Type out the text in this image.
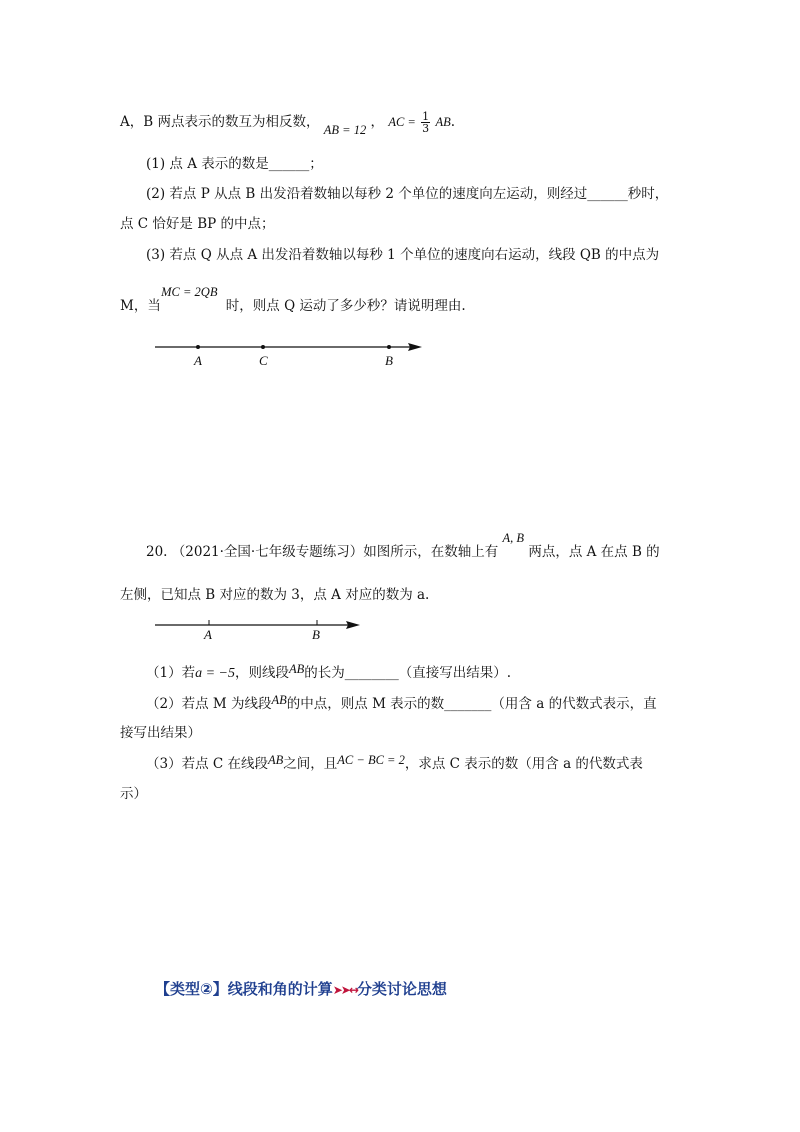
A，B 两点表示的数互为相反数， AB = 12 ， AC = $\frac{1}{3}$ AB.
(1) 点 A 表示的数是______；
(2) 若点 P 从点 B 出发沿着数轴以每秒 2 个单位的速度向左运动，则经过______秒时，
点 C 恰好是 BP 的中点；
(3) 若点 Q 从点 A 出发沿着数轴以每秒 1 个单位的速度向右运动，线段 QB 的中点为
M，当 MC = 2QB 时，则点 Q 运动了多少秒？请说明理由.
A	C	B
20. （2021·全国·七年级专题练习）如图所示，在数轴上有 A, B 两点，点 A 在点 B 的
左侧，已知点 B 对应的数为 3，点 A 对应的数为 a.
A	B
（1）若a = −5，则线段AB的长为________（直接写出结果）.
（2）若点 M 为线段AB的中点，则点 M 表示的数_______（用含 a 的代数式表示，直
接写出结果）
（3）若点 C 在线段AB之间，且AC − BC = 2，求点 C 表示的数（用含 a 的代数式表
示）
【类型②】线段和角的计算➤➤↔分类讨论思想
